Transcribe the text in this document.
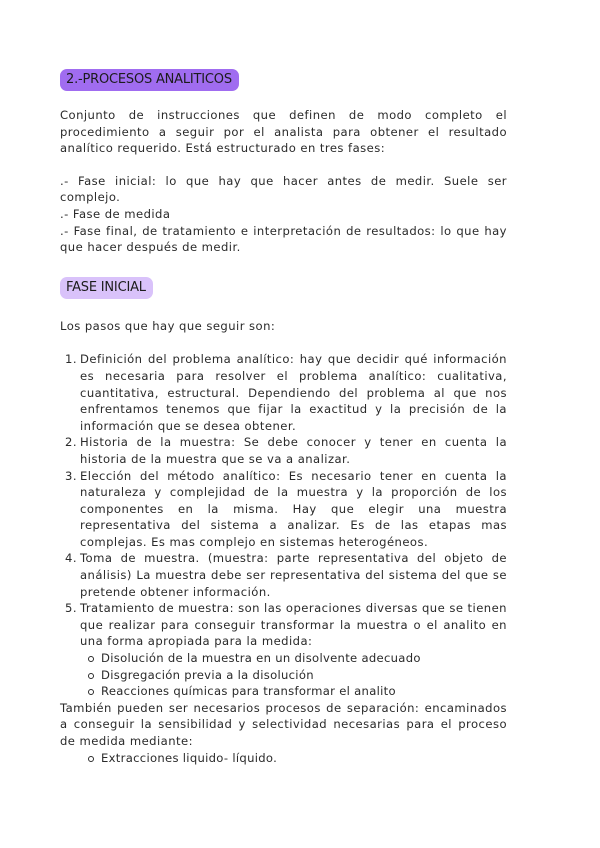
2.-PROCESOS ANALITICOS

Conjunto de instrucciones que definen de modo completo el procedimiento a seguir por el analista para obtener el resultado analítico requerido. Está estructurado en tres fases:

.- Fase inicial: lo que hay que hacer antes de medir. Suele ser complejo.

.- Fase de medida

.- Fase final, de tratamiento e interpretación de resultados: lo que hay que hacer después de medir.

FASE INICIAL

Los pasos que hay que seguir son:

1. Definición del problema analítico: hay que decidir qué información es necesaria para resolver el problema analítico: cualitativa, cuantitativa, estructural. Dependiendo del problema al que nos enfrentamos tenemos que fijar la exactitud y la precisión de la información que se desea obtener.
2. Historia de la muestra: Se debe conocer y tener en cuenta la historia de la muestra que se va a analizar.
3. Elección del método analítico: Es necesario tener en cuenta la naturaleza y complejidad de la muestra y la proporción de los componentes en la misma. Hay que elegir una muestra representativa del sistema a analizar. Es de las etapas mas complejas. Es mas complejo en sistemas heterogéneos.
4. Toma de muestra. (muestra: parte representativa del objeto de análisis) La muestra debe ser representativa del sistema del que se pretende obtener información.
5. Tratamiento de muestra: son las operaciones diversas que se tienen que realizar para conseguir transformar la muestra o el analito en una forma apropiada para la medida:
Disolución de la muestra en un disolvente adecuado
Disgregación previa a la disolución
Reacciones químicas para transformar el analito

También pueden ser necesarios procesos de separación: encaminados a conseguir la sensibilidad y selectividad necesarias para el proceso de medida mediante:

Extracciones liquido- líquido.
